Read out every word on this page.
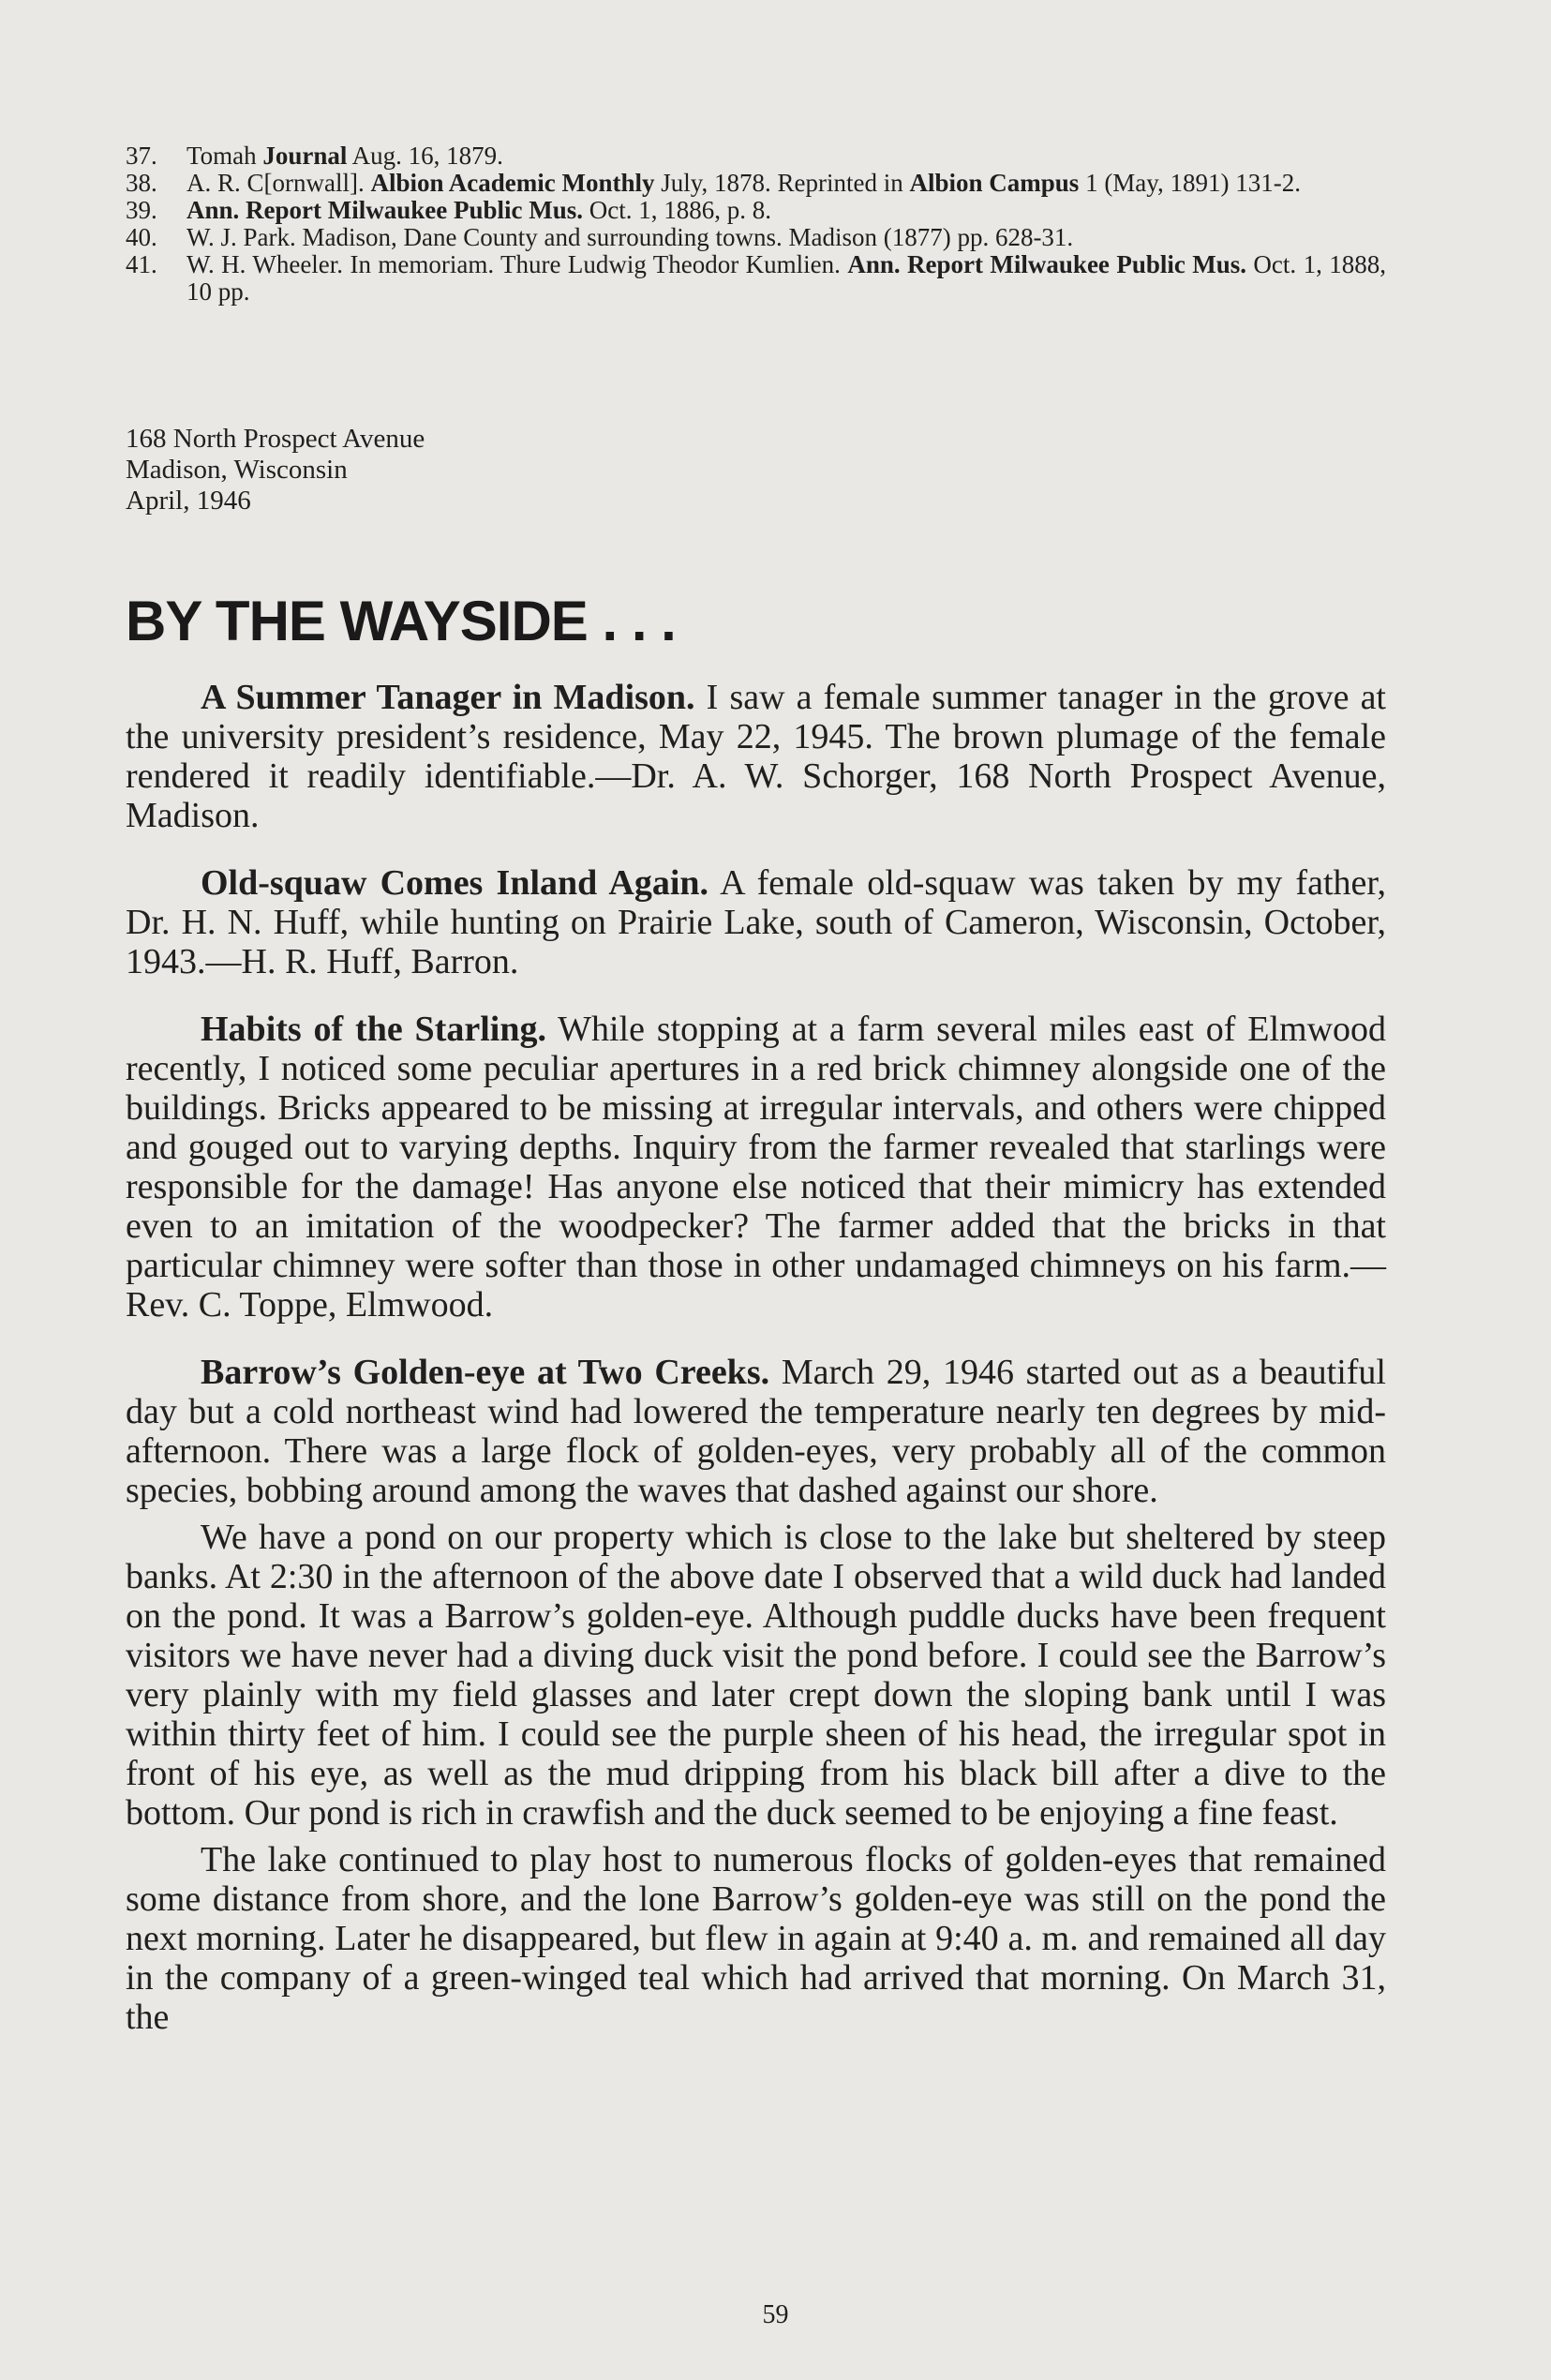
37. Tomah Journal Aug. 16, 1879.
38. A. R. C[ornwall]. Albion Academic Monthly July, 1878. Reprinted in Albion Campus 1 (May, 1891) 131-2.
39. Ann. Report Milwaukee Public Mus. Oct. 1, 1886, p. 8.
40. W. J. Park. Madison, Dane County and surrounding towns. Madison (1877) pp. 628-31.
41. W. H. Wheeler. In memoriam. Thure Ludwig Theodor Kumlien. Ann. Report Milwaukee Public Mus. Oct. 1, 1888, 10 pp.
168 North Prospect Avenue
Madison, Wisconsin
April, 1946
BY THE WAYSIDE . . .

A Summer Tanager in Madison. I saw a female summer tanager in the grove at the university president’s residence, May 22, 1945. The brown plumage of the female rendered it readily identifiable.—Dr. A. W. Schorger, 168 North Prospect Avenue, Madison.

Old-squaw Comes Inland Again. A female old-squaw was taken by my father, Dr. H. N. Huff, while hunting on Prairie Lake, south of Cameron, Wisconsin, October, 1943.—H. R. Huff, Barron.

Habits of the Starling. While stopping at a farm several miles east of Elmwood recently, I noticed some peculiar apertures in a red brick chimney alongside one of the buildings. Bricks appeared to be missing at irregular intervals, and others were chipped and gouged out to varying depths. Inquiry from the farmer revealed that starlings were responsible for the damage! Has anyone else noticed that their mimicry has extended even to an imitation of the woodpecker? The farmer added that the bricks in that particular chimney were softer than those in other undamaged chimneys on his farm.—Rev. C. Toppe, Elmwood.

Barrow’s Golden-eye at Two Creeks. March 29, 1946 started out as a beautiful day but a cold northeast wind had lowered the temperature nearly ten degrees by mid-afternoon. There was a large flock of golden-eyes, very probably all of the common species, bobbing around among the waves that dashed against our shore.

We have a pond on our property which is close to the lake but sheltered by steep banks. At 2:30 in the afternoon of the above date I observed that a wild duck had landed on the pond. It was a Barrow’s golden-eye. Although puddle ducks have been frequent visitors we have never had a diving duck visit the pond before. I could see the Barrow’s very plainly with my field glasses and later crept down the sloping bank until I was within thirty feet of him. I could see the purple sheen of his head, the irregular spot in front of his eye, as well as the mud dripping from his black bill after a dive to the bottom. Our pond is rich in crawfish and the duck seemed to be enjoying a fine feast.

The lake continued to play host to numerous flocks of golden-eyes that remained some distance from shore, and the lone Barrow’s golden-eye was still on the pond the next morning. Later he disappeared, but flew in again at 9:40 a. m. and remained all day in the company of a green-winged teal which had arrived that morning. On March 31, the

59
